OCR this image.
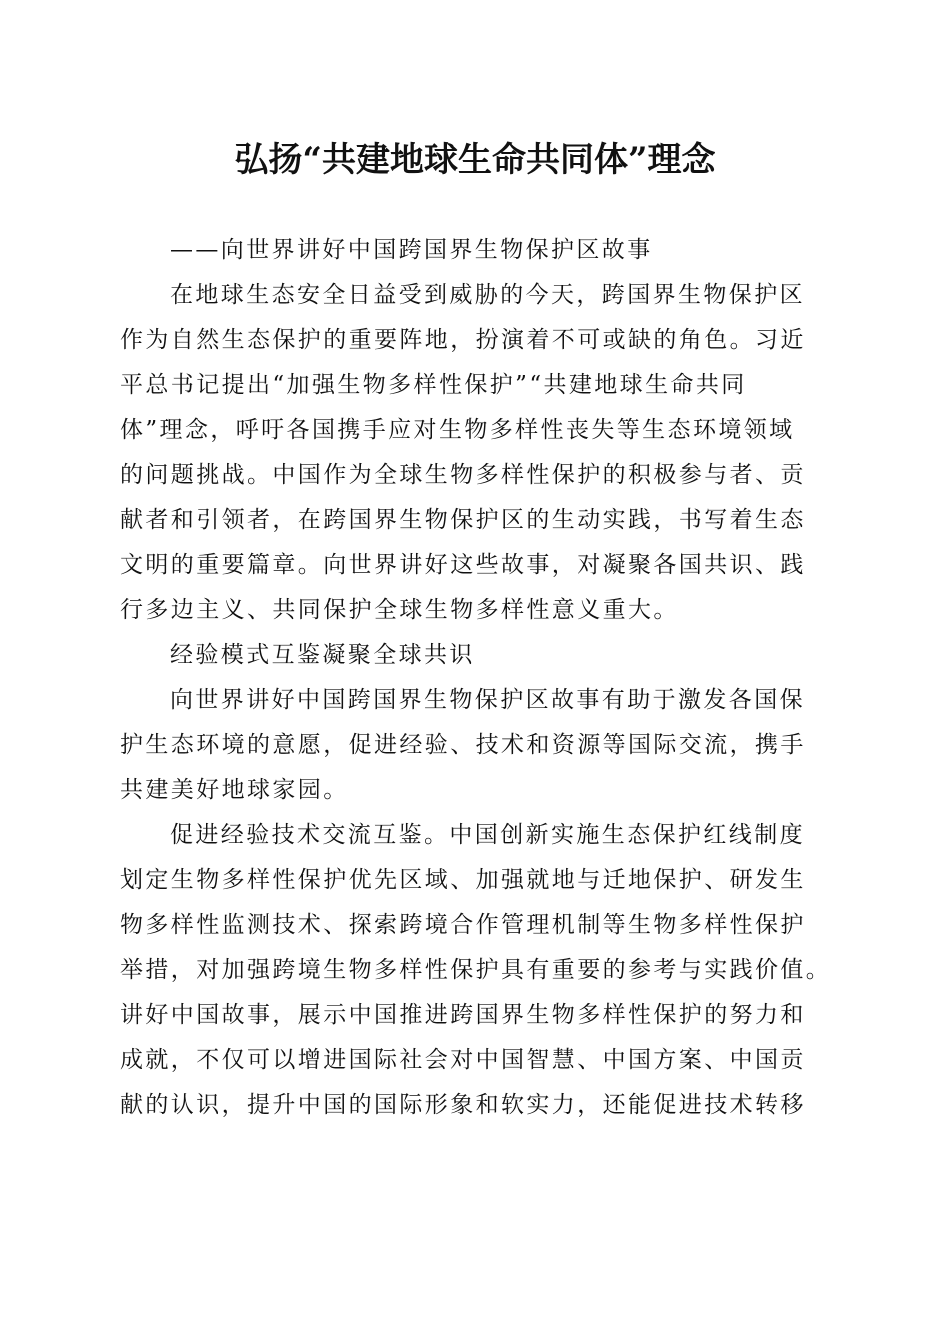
弘扬“共建地球生命共同体”理念
——向世界讲好中国跨国界生物保护区故事
在地球生态安全日益受到威胁的今天，跨国界生物保护区
作为自然生态保护的重要阵地，扮演着不可或缺的角色。习近
平总书记提出“加强生物多样性保护”“共建地球生命共同
体”理念，呼吁各国携手应对生物多样性丧失等生态环境领域
的问题挑战。中国作为全球生物多样性保护的积极参与者、贡
献者和引领者，在跨国界生物保护区的生动实践，书写着生态
文明的重要篇章。向世界讲好这些故事，对凝聚各国共识、践
行多边主义、共同保护全球生物多样性意义重大。
经验模式互鉴凝聚全球共识
向世界讲好中国跨国界生物保护区故事有助于激发各国保
护生态环境的意愿，促进经验、技术和资源等国际交流，携手
共建美好地球家园。
促进经验技术交流互鉴。中国创新实施生态保护红线制度
划定生物多样性保护优先区域、加强就地与迁地保护、研发生
物多样性监测技术、探索跨境合作管理机制等生物多样性保护
举措，对加强跨境生物多样性保护具有重要的参考与实践价值。
讲好中国故事，展示中国推进跨国界生物多样性保护的努力和
成就，不仅可以增进国际社会对中国智慧、中国方案、中国贡
献的认识，提升中国的国际形象和软实力，还能促进技术转移
